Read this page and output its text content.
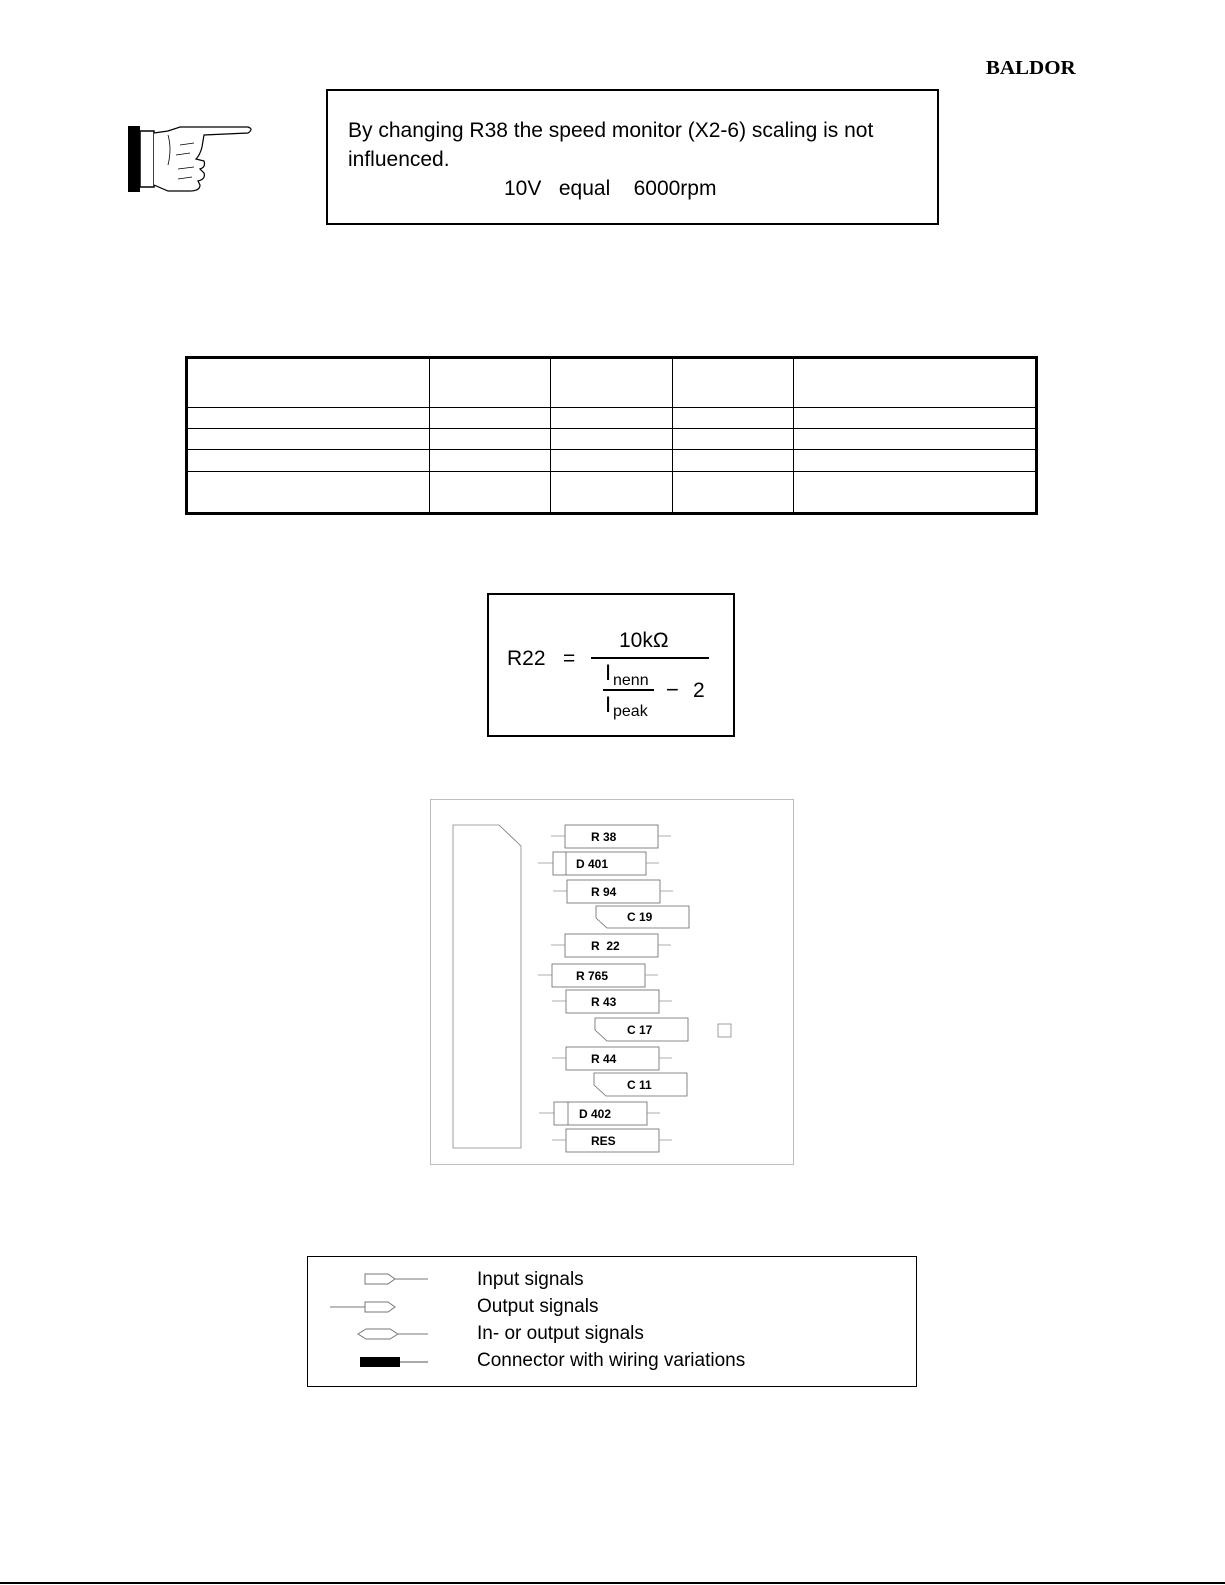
BALDOR
By changing R38 the speed monitor (X2-6) scaling is not
influenced.
10V   equal    6000rpm

R22 =
10kΩ
I nenn
I peak
− 2
R 38
D 401
R 94
C 19
R  22
R 765
R 43
C 17
R 44
C 11
D 402
RES
Input signals
Output signals
In- or output signals
Connector with wiring variations
